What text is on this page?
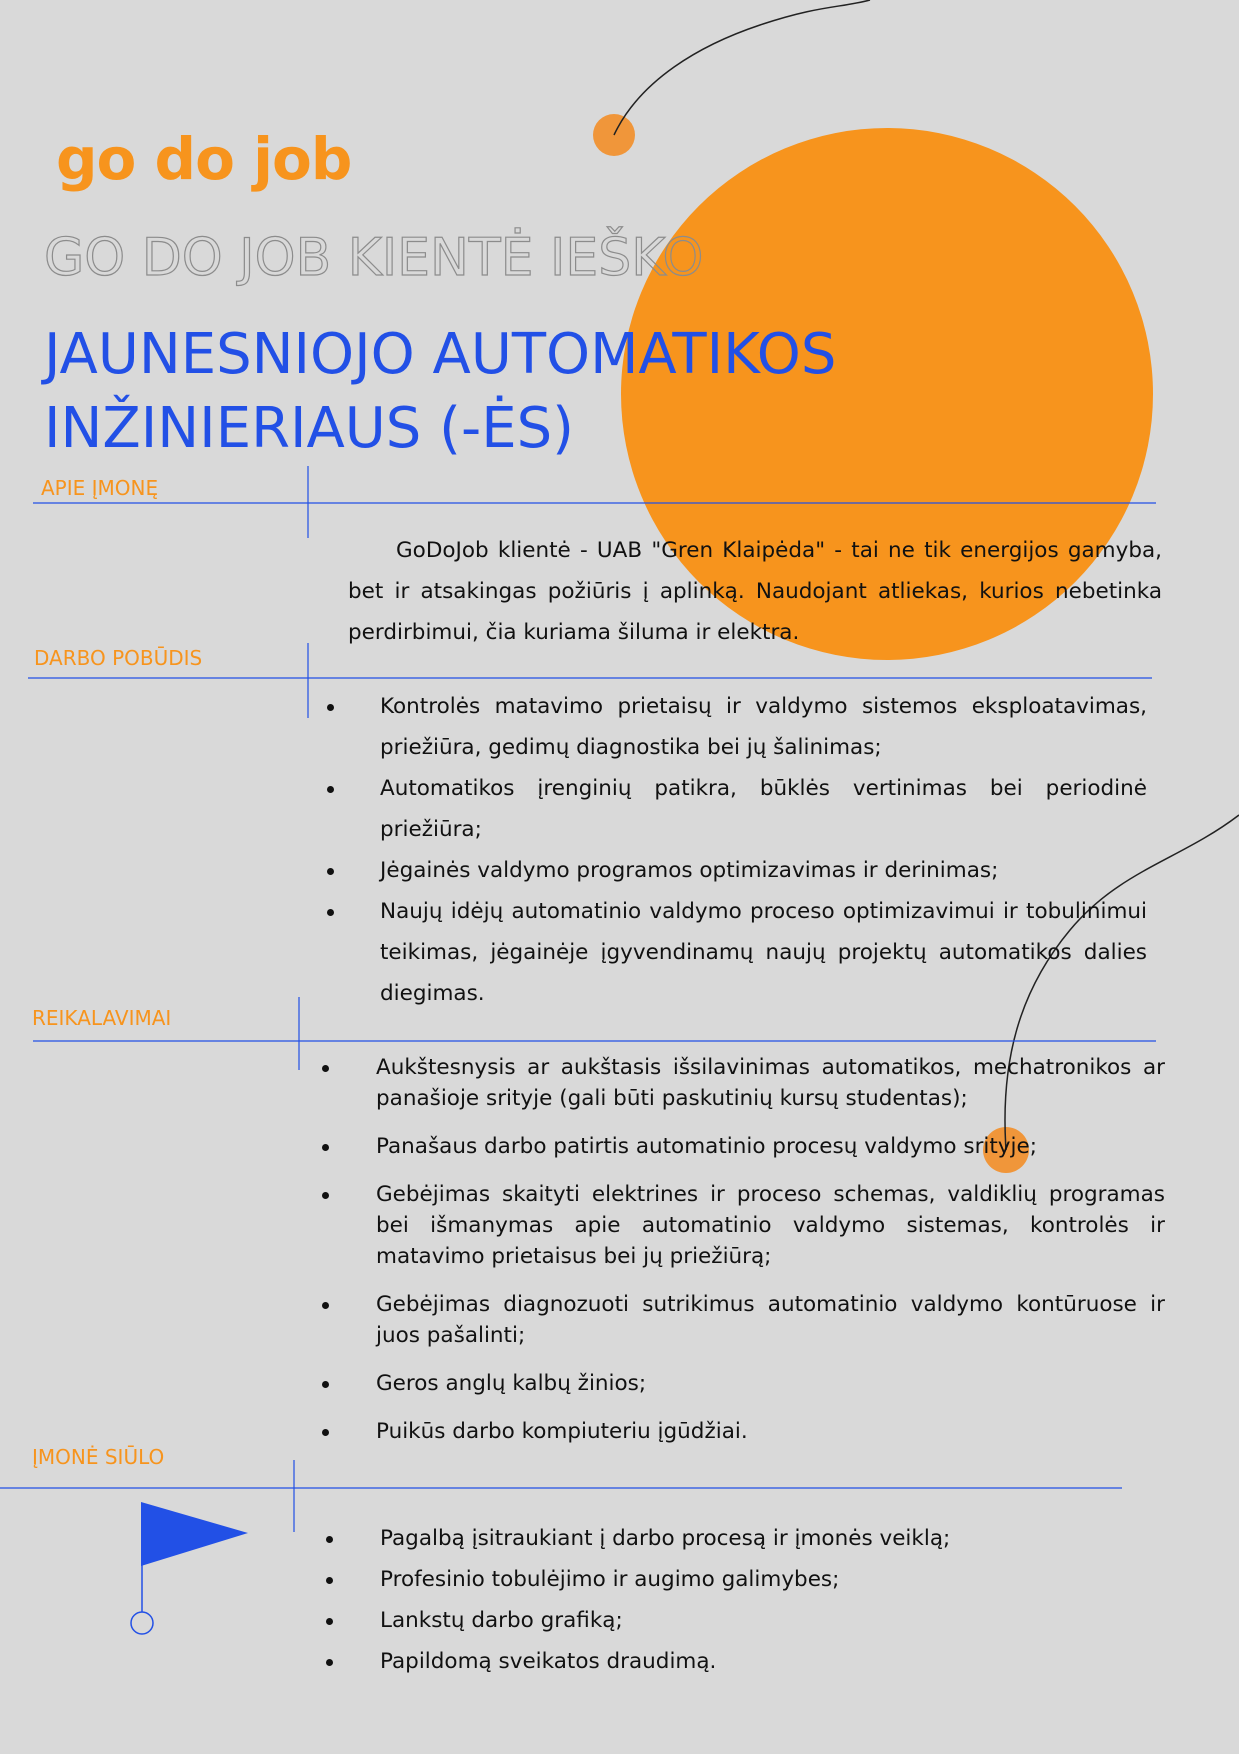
go do job
GO DO JOB KIENTĖ IEŠKO
JAUNESNIOJO AUTOMATIKOS
INŽINIERIAUS (-ĖS)
APIE ĮMONĘ
GoDoJob klientė - UAB "Gren Klaipėda" - tai ne tik energijos gamyba, bet ir atsakingas požiūris į aplinką. Naudojant atliekas, kurios nebetinka perdirbimui, čia kuriama šiluma ir elektra.
DARBO POBŪDIS
Kontrolės matavimo prietaisų ir valdymo sistemos eksploatavimas, priežiūra, gedimų diagnostika bei jų šalinimas;
Automatikos įrenginių patikra, būklės vertinimas bei periodinė priežiūra;
Jėgainės valdymo programos optimizavimas ir derinimas;
Naujų idėjų automatinio valdymo proceso optimizavimui ir tobulinimui teikimas, jėgainėje įgyvendinamų naujų projektų automatikos dalies diegimas.
REIKALAVIMAI
Aukštesnysis ar aukštasis išsilavinimas automatikos, mechatronikos ar panašioje srityje (gali būti paskutinių kursų studentas);
Panašaus darbo patirtis automatinio procesų valdymo srityje;
Gebėjimas skaityti elektrines ir proceso schemas, valdiklių programas bei išmanymas apie automatinio valdymo sistemas, kontrolės ir matavimo prietaisus bei jų priežiūrą;
Gebėjimas diagnozuoti sutrikimus automatinio valdymo kontūruose ir juos pašalinti;
Geros anglų kalbų žinios;
Puikūs darbo kompiuteriu įgūdžiai.
ĮMONĖ SIŪLO
Pagalbą įsitraukiant į darbo procesą ir įmonės veiklą;
Profesinio tobulėjimo ir augimo galimybes;
Lankstų darbo grafiką;
Papildomą sveikatos draudimą.
